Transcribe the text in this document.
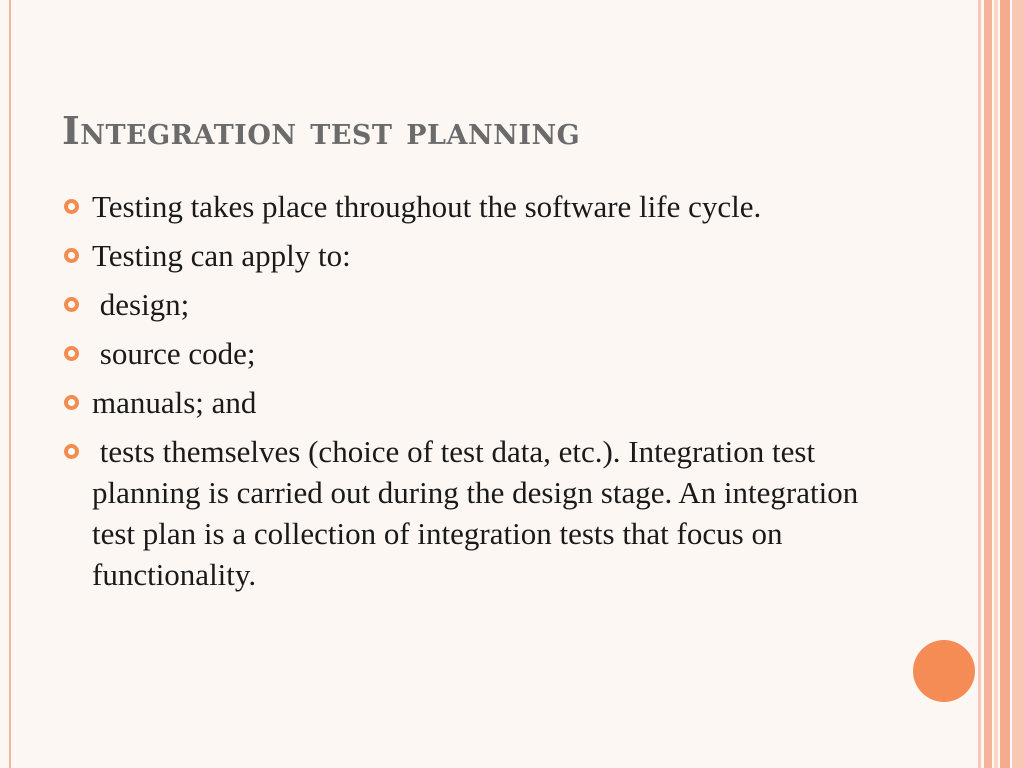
Integration test planning
Testing takes place throughout the software life cycle.
Testing can apply to:
design;
source code;
manuals; and
tests themselves (choice of test data, etc.). Integration test planning is carried out during the design stage. An integration test plan is a collection of integration tests that focus on functionality.
